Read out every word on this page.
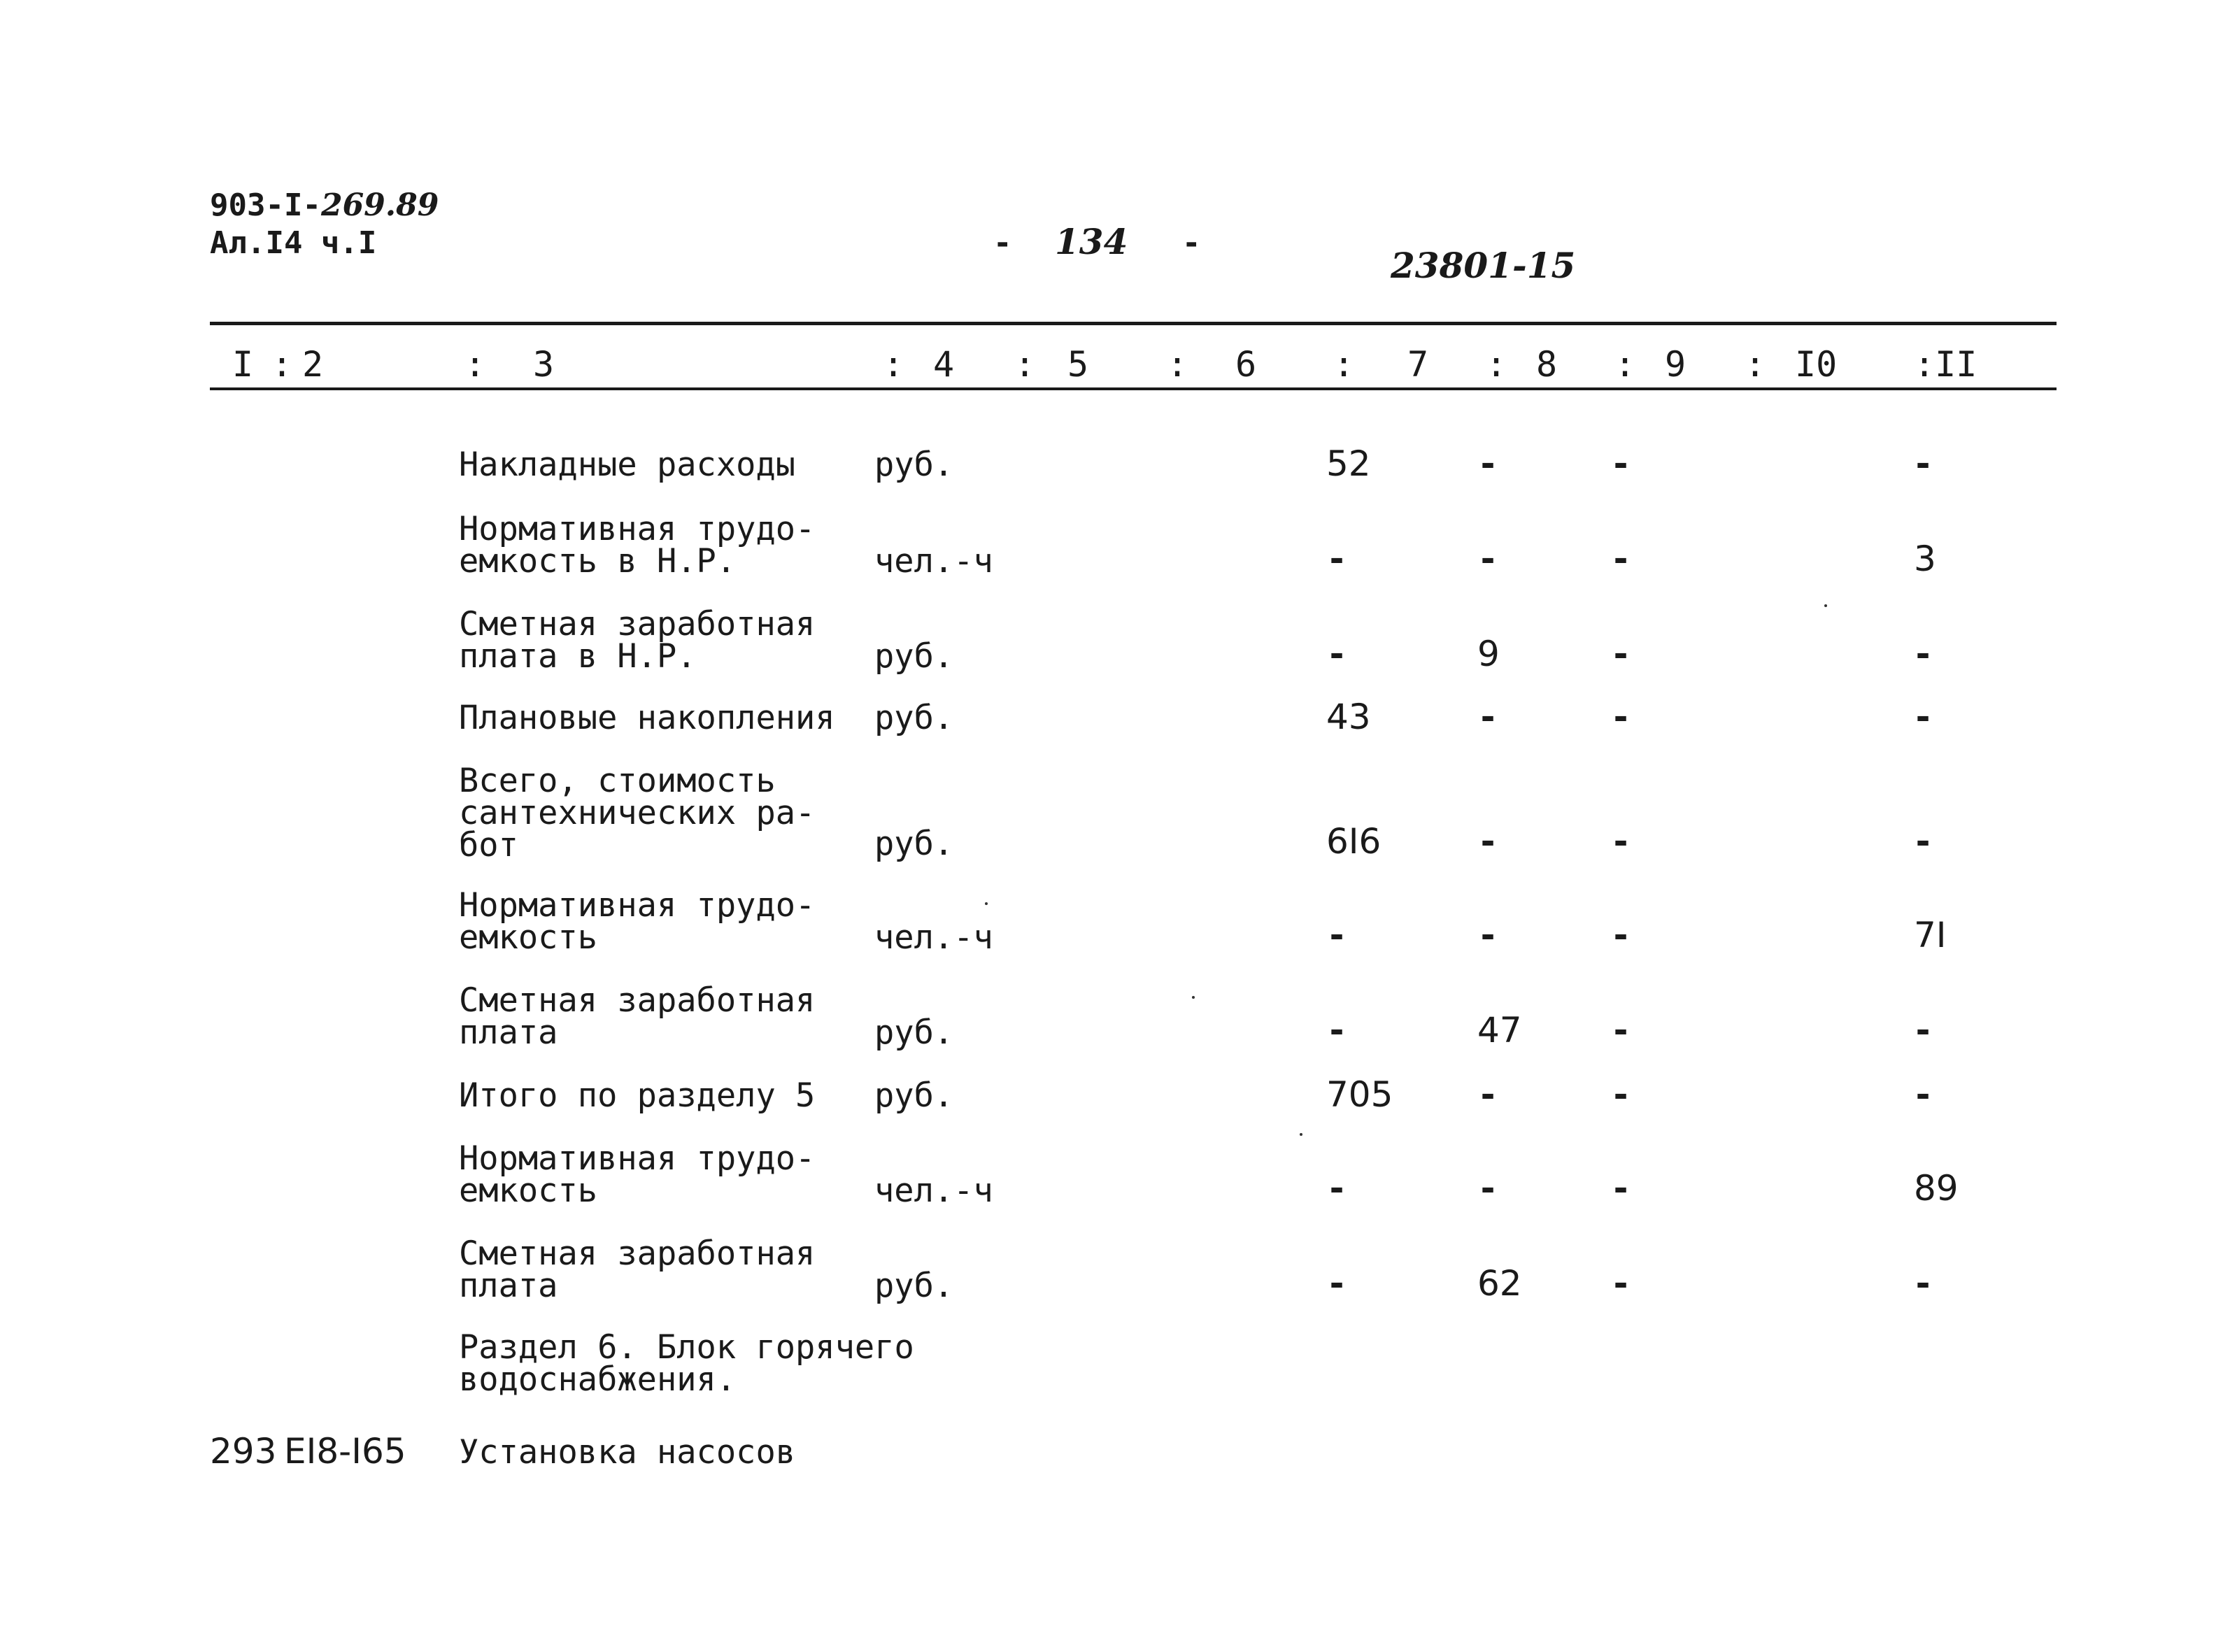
903-I-269.89
Ал.I4 ч.I	- 134 -
23801-15
I : 2	: 3	: 4 : 5 : 6 : 7 : 8 : 9 : I0 :II
Накладные расходы руб.	52	-	-	-
Нормативная трудо-
емкость в Н.Р.	чел.-ч	-	-	-	3
Сметная заработная
плата в Н.Р.	руб.	-	9	-	-
Плановые накопления руб.	43	-	-	-
Всего, стоимость
сантехнических ра-
бот	руб.	6I6	-	-	-
Нормативная трудо-
емкость	чел.-ч	-	-	-	7I
Сметная заработная
плата	руб.	-	47	-	-
Итого по разделу 5 руб.	705 -	-	-
Нормативная трудо-
емкость	чел.-ч	-	-	-	89
Сметная заработная
плата	руб.	-	62	-	-
Раздел 6. Блок горячего
водоснабжения.
293 EI8-I65 Установка насосов
